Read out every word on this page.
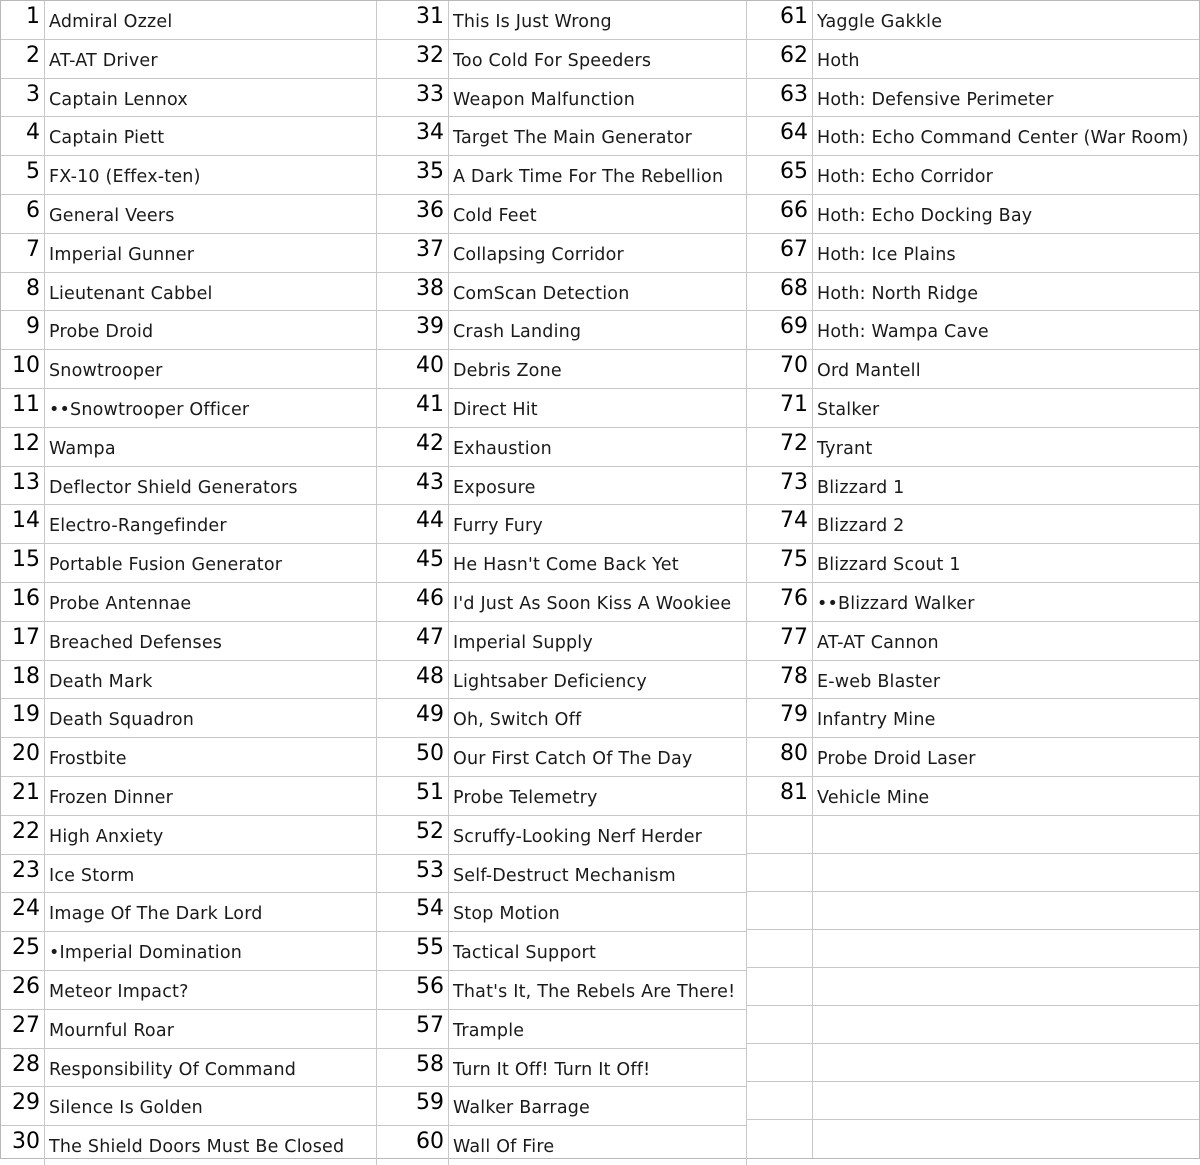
1 Admiral Ozzel
2 AT-AT Driver
3 Captain Lennox
4 Captain Piett
5 FX-10 (Effex-ten)
6 General Veers
7 Imperial Gunner
8 Lieutenant Cabbel
9 Probe Droid
10 Snowtrooper
11 ••Snowtrooper Officer
12 Wampa
13 Deflector Shield Generators
14 Electro-Rangefinder
15 Portable Fusion Generator
16 Probe Antennae
17 Breached Defenses
18 Death Mark
19 Death Squadron
20 Frostbite
21 Frozen Dinner
22 High Anxiety
23 Ice Storm
24 Image Of The Dark Lord
25 •Imperial Domination
26 Meteor Impact?
27 Mournful Roar
28 Responsibility Of Command
29 Silence Is Golden
30 The Shield Doors Must Be Closed
31 This Is Just Wrong
32 Too Cold For Speeders
33 Weapon Malfunction
34 Target The Main Generator
35 A Dark Time For The Rebellion
36 Cold Feet
37 Collapsing Corridor
38 ComScan Detection
39 Crash Landing
40 Debris Zone
41 Direct Hit
42 Exhaustion
43 Exposure
44 Furry Fury
45 He Hasn't Come Back Yet
46 I'd Just As Soon Kiss A Wookiee
47 Imperial Supply
48 Lightsaber Deficiency
49 Oh, Switch Off
50 Our First Catch Of The Day
51 Probe Telemetry
52 Scruffy-Looking Nerf Herder
53 Self-Destruct Mechanism
54 Stop Motion
55 Tactical Support
56 That's It, The Rebels Are There!
57 Trample
58 Turn It Off! Turn It Off!
59 Walker Barrage
60 Wall Of Fire
61 Yaggle Gakkle
62 Hoth
63 Hoth: Defensive Perimeter
64 Hoth: Echo Command Center (War Room)
65 Hoth: Echo Corridor
66 Hoth: Echo Docking Bay
67 Hoth: Ice Plains
68 Hoth: North Ridge
69 Hoth: Wampa Cave
70 Ord Mantell
71 Stalker
72 Tyrant
73 Blizzard 1
74 Blizzard 2
75 Blizzard Scout 1
76 ••Blizzard Walker
77 AT-AT Cannon
78 E-web Blaster
79 Infantry Mine
80 Probe Droid Laser
81 Vehicle Mine
